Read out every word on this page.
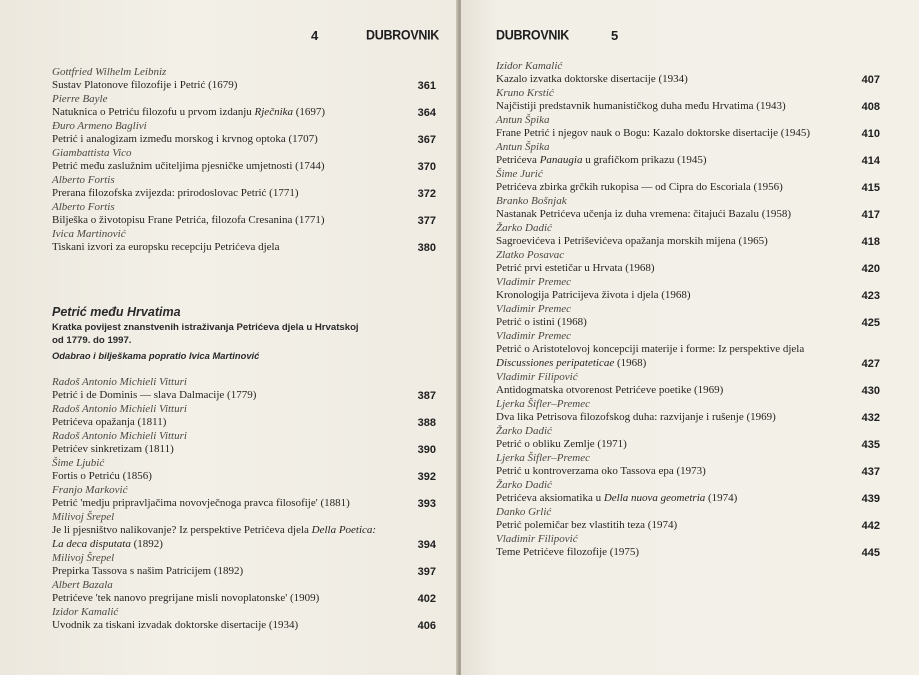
4	DUBROVNIK
Gottfried Wilhelm Leibniz
Sustav Platonove filozofije i Petrić (1679)	361
Pierre Bayle
Natuknica o Petriću filozofu u prvom izdanju Rječnika (1697)	364
Đuro Armeno Baglivi
Petrić i analogizam između morskog i krvnog optoka (1707)	367
Giambattista Vico
Petrić među zaslužnim učiteljima pjesničke umjetnosti (1744)	370
Alberto Fortis
Prerana filozofska zvijezda: prirodoslovac Petrić (1771)	372
Alberto Fortis
Bilješka o životopisu Frane Petrića, filozofa Cresanina (1771)	377
Ivica Martinović
Tiskani izvori za europsku recepciju Petrićeva djela	380
Petrić među Hrvatima
Kratka povijest znanstvenih istraživanja Petrićeva djela u Hrvatskoj
od 1779. do 1997.
Odabrao i bilješkama popratio Ivica Martinović
Radoš Antonio Michieli Vitturi
Petrić i de Dominis — slava Dalmacije (1779)	387
Radoš Antonio Michieli Vitturi
Petrićeva opažanja (1811)	388
Radoš Antonio Michieli Vitturi
Petrićev sinkretizam (1811)	390
Šime Ljubić
Fortis o Petriću (1856)	392
Franjo Marković
Petrić 'medju pripravljačima novovječnoga pravca filosofije' (1881)	393
Milivoj Šrepel
Je li pjesništvo nalikovanje? Iz perspektive Petrićeva djela Della Poetica: La deca disputata (1892)	394
Milivoj Šrepel
Prepirka Tassova s našim Patricijem (1892)	397
Albert Bazala
Petrićeve 'tek nanovo pregrijane misli novoplatonske' (1909)	402
Izidor Kamalić
Uvodnik za tiskani izvadak doktorske disertacije (1934)	406
DUBROVNIK	5
Izidor Kamalić
Kazalo izvatka doktorske disertacije (1934)	407
Kruno Krstić
Najčistiji predstavnik humanističkog duha među Hrvatima (1943)	408
Antun Špika
Frane Petrić i njegov nauk o Bogu: Kazalo doktorske disertacije (1945)	410
Antun Špika
Petrićeva Panaugia u grafičkom prikazu (1945)	414
Šime Jurić
Petrićeva zbirka grčkih rukopisa — od Cipra do Escoriala (1956)	415
Branko Bošnjak
Nastanak Petrićeva učenja iz duha vremena: čitajući Bazalu (1958)	417
Žarko Dadić
Sagroevićeva i Petriševićeva opažanja morskih mijena (1965)	418
Zlatko Posavac
Petrić prvi estetičar u Hrvata (1968)	420
Vladimir Premec
Kronologija Patricijeva života i djela (1968)	423
Vladimir Premec
Petrić o istini (1968)	425
Vladimir Premec
Petrić o Aristotelovoj koncepciji materije i forme: Iz perspektive djela Discussiones peripateticae (1968)	427
Vladimir Filipović
Antidogmatska otvorenost Petrićeve poetike (1969)	430
Ljerka Šifler–Premec
Dva lika Petrisova filozofskog duha: razvijanje i rušenje (1969)	432
Žarko Dadić
Petrić o obliku Zemlje (1971)	435
Ljerka Šifler–Premec
Petrić u kontroverzama oko Tassova epa (1973)	437
Žarko Dadić
Petrićeva aksiomatika u Della nuova geometria (1974)	439
Danko Grlić
Petrić polemičar bez vlastitih teza (1974)	442
Vladimir Filipović
Teme Petrićeve filozofije (1975)	445
